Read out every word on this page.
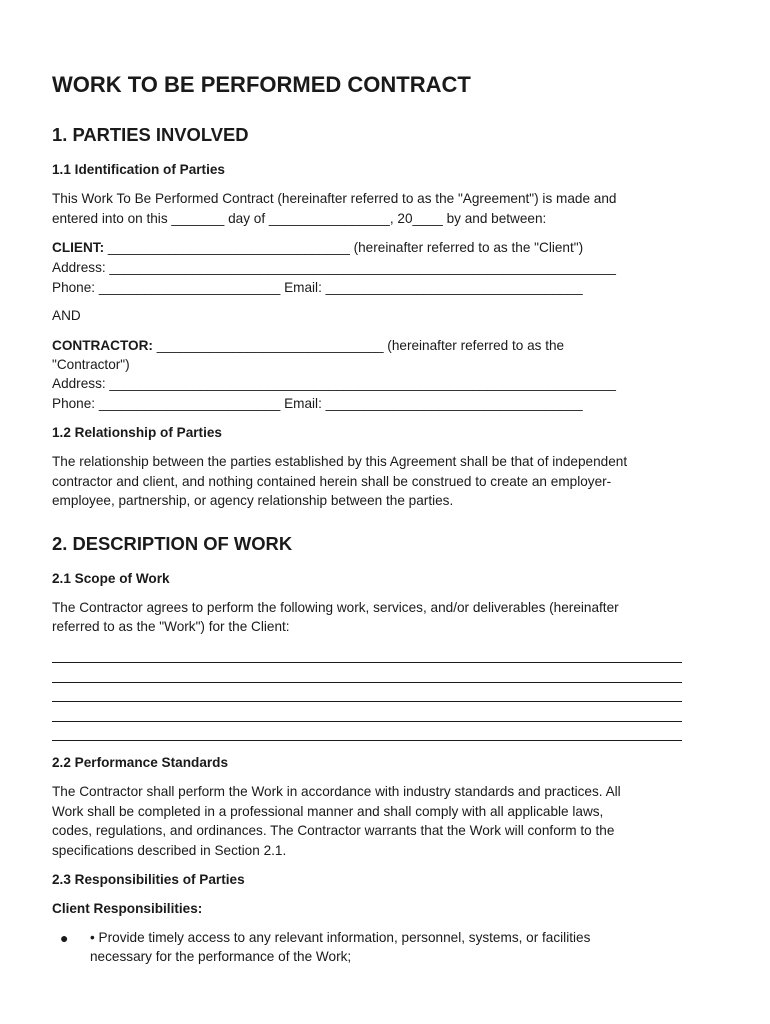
WORK TO BE PERFORMED CONTRACT
1. PARTIES INVOLVED

1.1 Identification of Parties

This Work To Be Performed Contract (hereinafter referred to as the "Agreement") is made and

entered into on this _______ day of ________________, 20____ by and between:

CLIENT: ________________________________ (hereinafter referred to as the "Client")

Address: ___________________________________________________________________

Phone: ________________________ Email: __________________________________

AND

CONTRACTOR: ______________________________ (hereinafter referred to as the

"Contractor")

Address: ___________________________________________________________________

Phone: ________________________ Email: __________________________________

1.2 Relationship of Parties

The relationship between the parties established by this Agreement shall be that of independent

contractor and client, and nothing contained herein shall be construed to create an employer-

employee, partnership, or agency relationship between the parties.

2. DESCRIPTION OF WORK

2.1 Scope of Work

The Contractor agrees to perform the following work, services, and/or deliverables (hereinafter

referred to as the "Work") for the Client:

2.2 Performance Standards

The Contractor shall perform the Work in accordance with industry standards and practices. All

Work shall be completed in a professional manner and shall comply with all applicable laws,

codes, regulations, and ordinances. The Contractor warrants that the Work will conform to the

specifications described in Section 2.1.

2.3 Responsibilities of Parties

Client Responsibilities:

● • Provide timely access to any relevant information, personnel, systems, or facilities

necessary for the performance of the Work;
